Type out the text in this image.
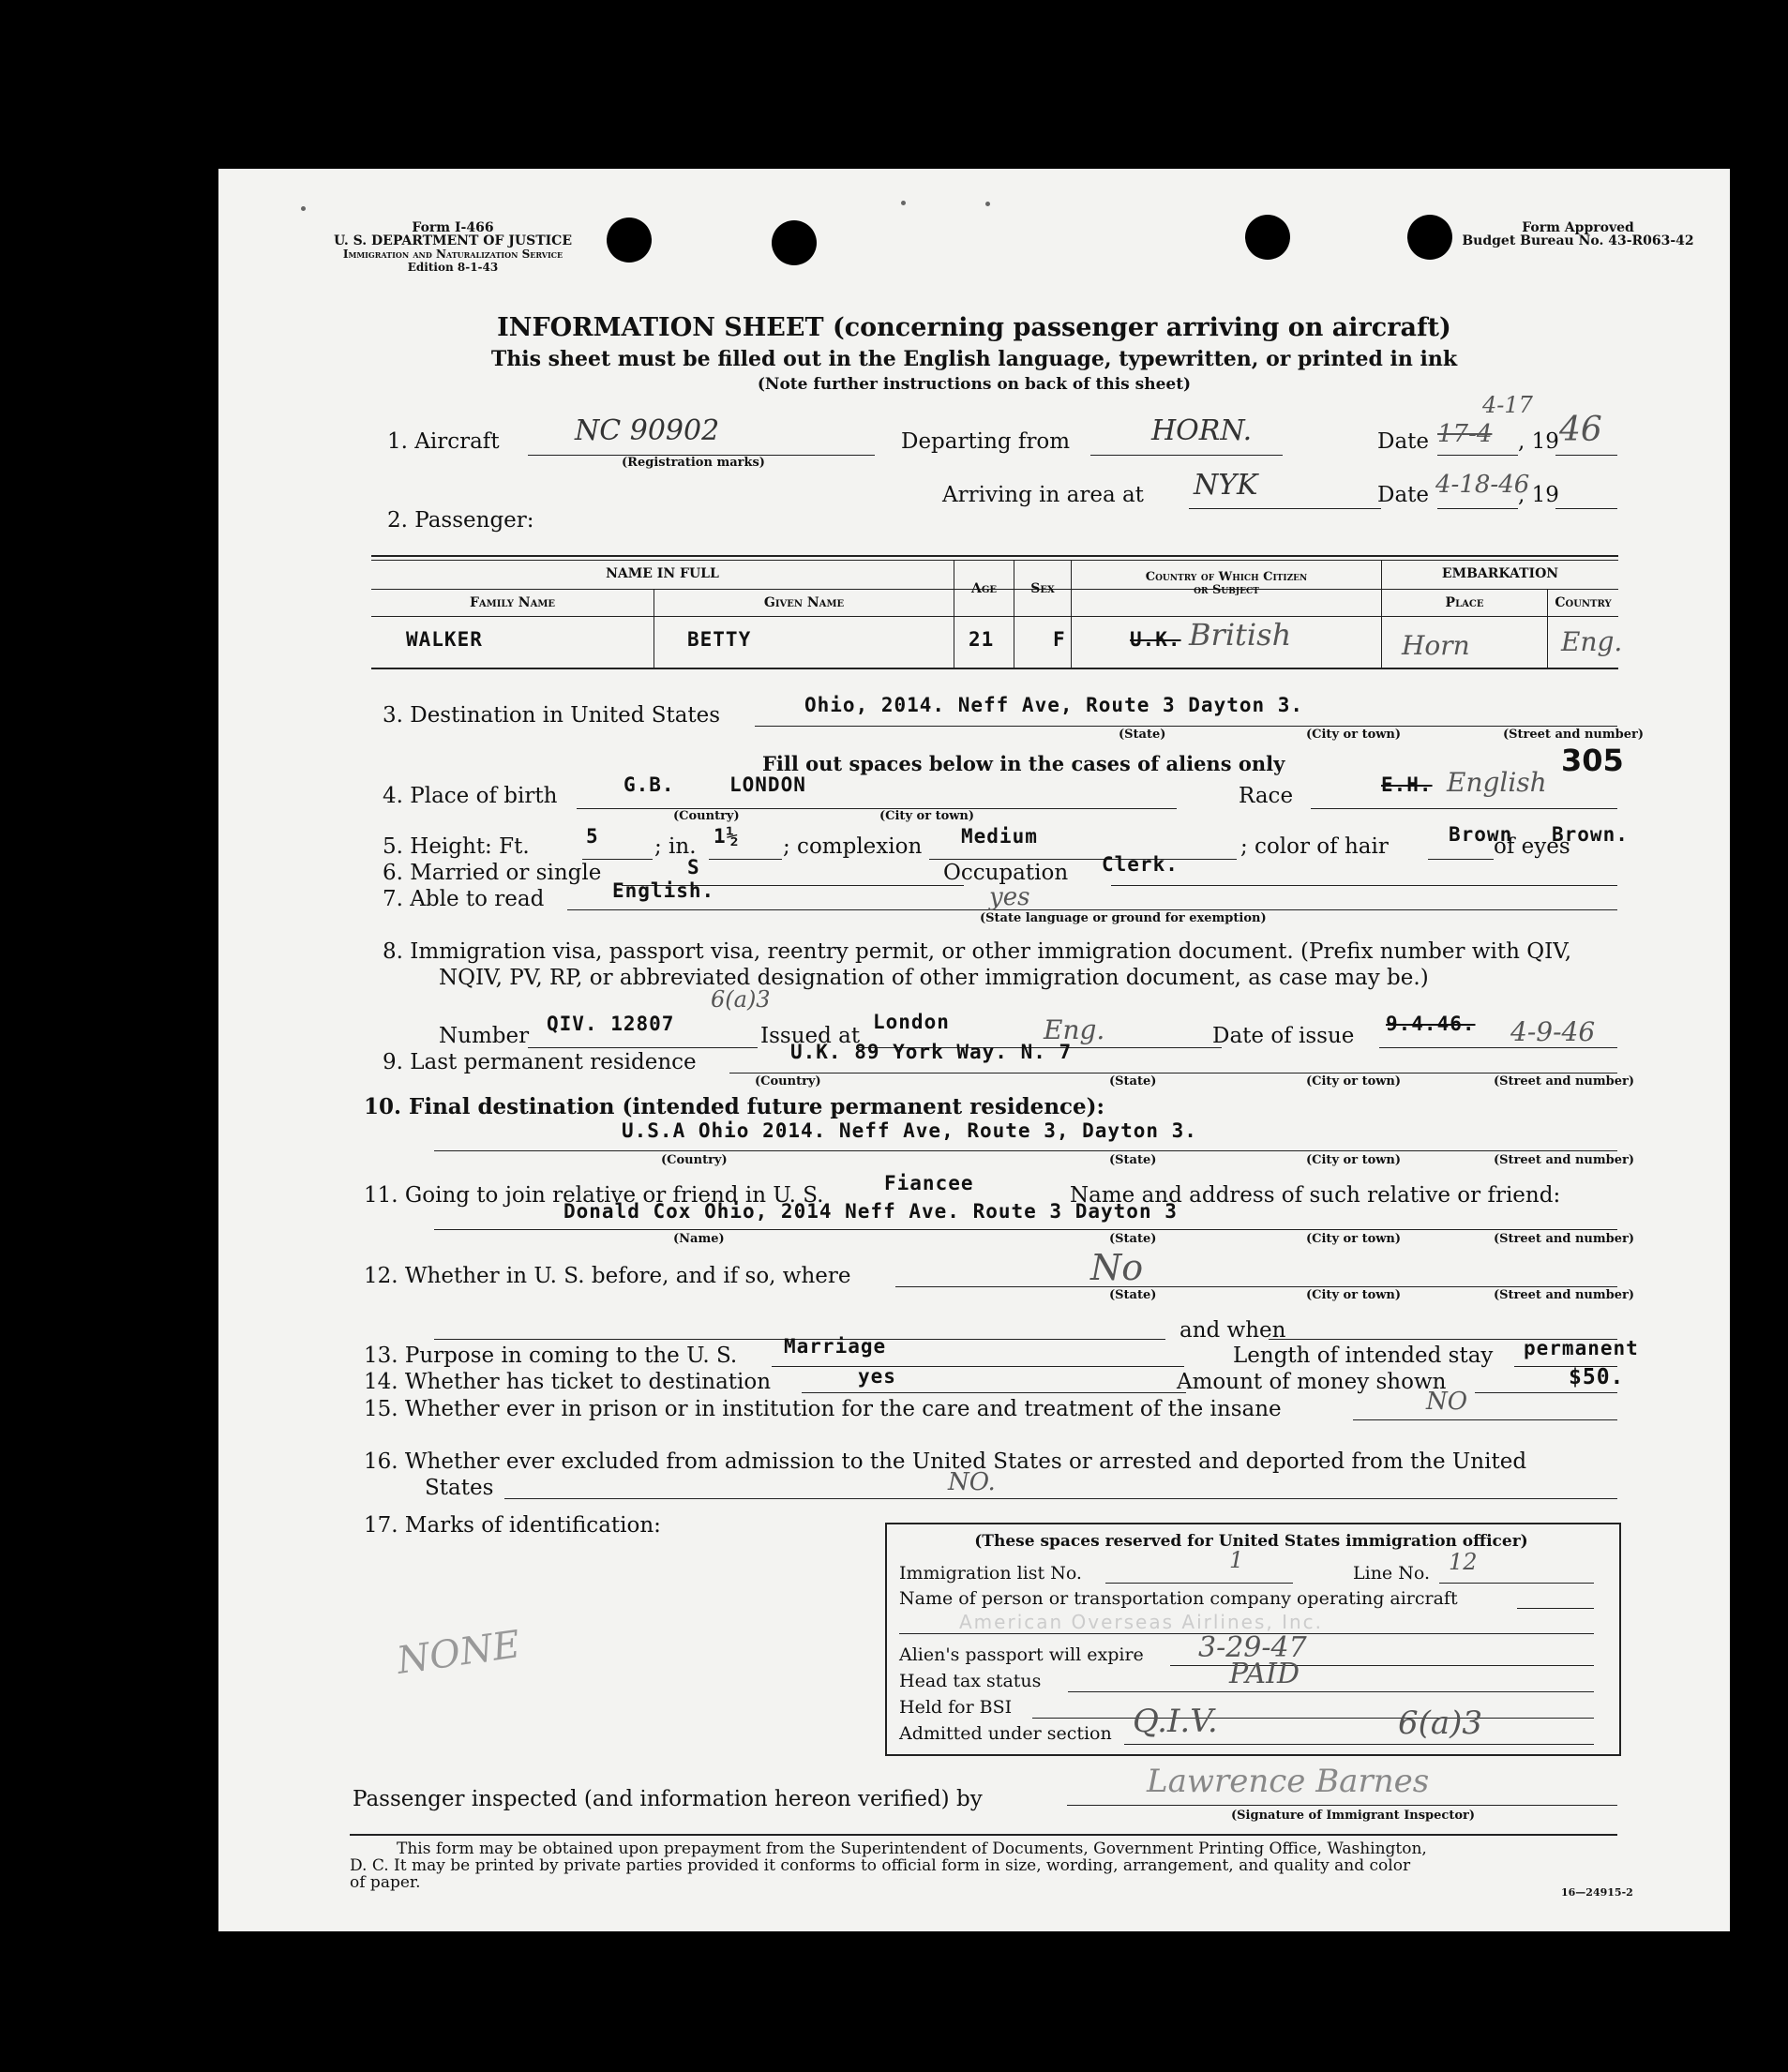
Form I-466
U. S. DEPARTMENT OF JUSTICE
Immigration and Naturalization Service
Edition 8-1-43
Form Approved
Budget Bureau No. 43-R063-42
INFORMATION SHEET (concerning passenger arriving on aircraft)
This sheet must be filled out in the English language, typewritten, or printed in ink
(Note further instructions on back of this sheet)
1. Aircraft	NC 90902
(Registration marks)
Departing from	HORN.	Date
4-17
17-4 , 19 46
Arriving in area at NYK	Date 4-18-46
, 19
2. Passenger:
NAME IN FULL
Family Name	Given Name
Age	Sex
Country of Which Citizen
or Subject
EMBARKATION
Place	Country
WALKER	BETTY	21	F	U.K. British	Horn	Eng.
3. Destination in United States	Ohio, 2014. Neff Ave, Route 3 Dayton 3.
(State)	(City or town)	(Street and number)
Fill out spaces below in the cases of aliens only	305
4. Place of birth	G.B.	LONDON
(Country)	(City or town)
Race	E.H. English
5. Height: Ft.	5	; in. 1½ ; complexion Medium	; color of hair	Brown
of eyes
Brown.
6. Married or single	S	Occupation Clerk.
7. Able to read	English.	yes
(State language or ground for exemption)
8. Immigration visa, passport visa, reentry permit, or other immigration document. (Prefix number with QIV,
NQIV, PV, RP, or abbreviated designation of other immigration document, as case may be.)
Number QIV. 12807
6(a)3
Issued at
London	Eng.	Date of issue 9.4.46. 4-9-46
9. Last permanent residence	U.K. 89 York Way. N. 7
(Country)	(State)	(City or town)	(Street and number)
10. Final destination (intended future permanent residence):
U.S.A Ohio 2014. Neff Ave, Route 3, Dayton 3.
(Country)	(State)	(City or town)	(Street and number)
11. Going to join relative or friend in U. S.	Fiancee	Name and address of such relative or friend:
Donald Cox Ohio, 2014 Neff Ave. Route 3 Dayton 3
(Name)	(State)	(City or town)	(Street and number)
12. Whether in U. S. before, and if so, where	No
(State)	(City or town)	(Street and number)
and when
13. Purpose in coming to the U. S. Marriage	Length of intended stay permanent
14. Whether has ticket to destination	yes	Amount of money shown	$50.
15. Whether ever in prison or in institution for the care and treatment of the insane	NO
16. Whether ever excluded from admission to the United States or arrested and deported from the United
States	NO.
17. Marks of identification:
NONE
(These spaces reserved for United States immigration officer)
Immigration list No.	1	Line No. 12
Name of person or transportation company operating aircraft
American Overseas Airlines, Inc.
Alien's passport will expire 3-29-47
Head tax status	PAID
Held for BSI
Admitted under section Q.I.V.	6(a)3
Passenger inspected (and information hereon verified) by	Lawrence Barnes
(Signature of Immigrant Inspector)
This form may be obtained upon prepayment from the Superintendent of Documents, Government Printing Office, Washington,
D. C. It may be printed by private parties provided it conforms to official form in size, wording, arrangement, and quality and color
of paper.
16—24915-2
